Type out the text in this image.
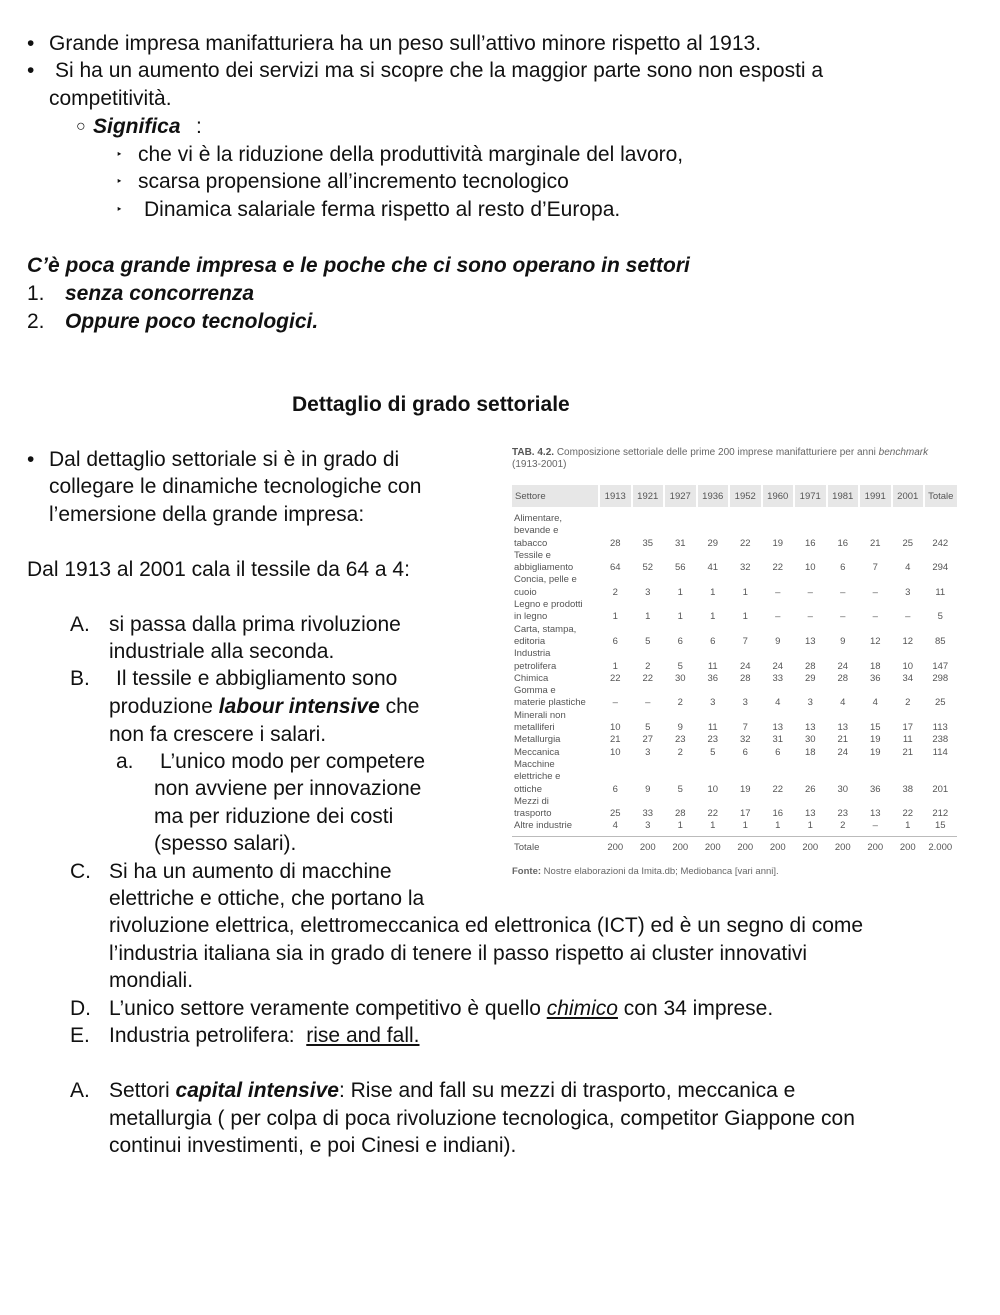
• Grande impresa manifatturiera ha un peso sull’attivo minore rispetto al 1913.
• Si ha un aumento dei servizi ma si scopre che la maggior parte sono non esposti a
competitività.
○ Significa :
‣ che vi è la riduzione della produttività marginale del lavoro,
‣ scarsa propensione all’incremento tecnologico
‣ Dinamica salariale ferma rispetto al resto d’Europa.
C’è poca grande impresa e le poche che ci sono operano in settori
1. senza concorrenza
2. Oppure poco tecnologici.
Dettaglio di grado settoriale
• Dal dettaglio settoriale si è in grado di
collegare le dinamiche tecnologiche con
l’emersione della grande impresa:
Dal 1913 al 2001 cala il tessile da 64 a 4:
A. si passa dalla prima rivoluzione
industriale alla seconda.
B. Il tessile e abbigliamento sono
produzione labour intensive che
non fa crescere i salari.
a. L’unico modo per competere
non avviene per innovazione
ma per riduzione dei costi
(spesso salari).
C. Si ha un aumento di macchine
elettriche e ottiche, che portano la
rivoluzione elettrica, elettromeccanica ed elettronica (ICT) ed è un segno di come
l’industria italiana sia in grado di tenere il passo rispetto ai cluster innovativi
mondiali.
D. L’unico settore veramente competitivo è quello chimico con 34 imprese.
E. Industria petrolifera:  rise and fall.
A. Settori capital intensive: Rise and fall su mezzi di trasporto, meccanica e
metallurgia ( per colpa di poca rivoluzione tecnologica, competitor Giappone con
continui investimenti, e poi Cinesi e indiani).
TAB. 4.2. Composizione settoriale delle prime 200 imprese manifatturiere per anni benchmark
(1913-2001)
Settore	1913	1921	1927	1936	1952	1960	1971	1981	1991	2001	Totale

Alimentare,											
bevande e											
tabacco	28	35	31	29	22	19	16	16	21	25	242
Tessile e											
abbigliamento	64	52	56	41	32	22	10	6	7	4	294
Concia, pelle e											
cuoio	2	3	1	1	1	–	–	–	–	3	11
Legno e prodotti											
in legno	1	1	1	1	1	–	–	–	–	–	5
Carta, stampa,											
editoria	6	5	6	6	7	9	13	9	12	12	85
Industria											
petrolifera	1	2	5	11	24	24	28	24	18	10	147
Chimica	22	22	30	36	28	33	29	28	36	34	298
Gomma e											
materie plastiche	–	–	2	3	3	4	3	4	4	2	25
Minerali non											
metalliferi	10	5	9	11	7	13	13	13	15	17	113
Metallurgia	21	27	23	23	32	31	30	21	19	11	238
Meccanica	10	3	2	5	6	6	18	24	19	21	114
Macchine											
elettriche e											
ottiche	6	9	5	10	19	22	26	30	36	38	201
Mezzi di											
trasporto	25	33	28	22	17	16	13	23	13	22	212
Altre industrie	4	3	1	1	1	1	1	2	–	1	15

Totale	200	200	200	200	200	200	200	200	200	200	2.000
Fonte: Nostre elaborazioni da Imita.db; Mediobanca [vari anni].
